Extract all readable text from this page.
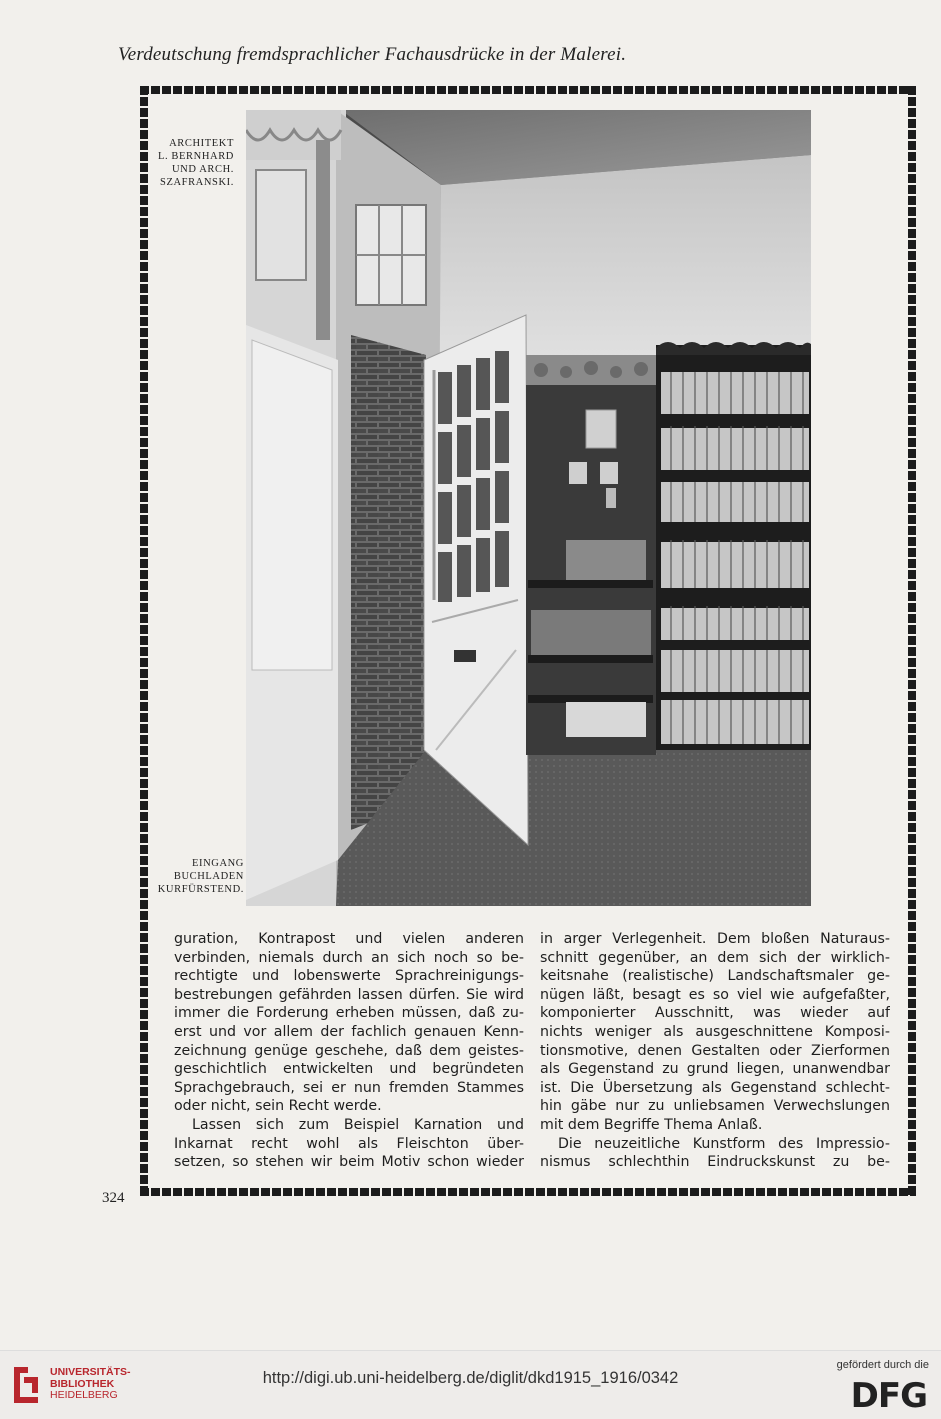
Verdeutschung fremdsprachlicher Fachausdrücke in der Malerei.
ARCHITEKT
L. BERNHARD
UND ARCH.
SZAFRANSKI.
EINGANG
BUCHLADEN
KURFÜRSTEND.
guration, Kontrapost und vielen anderen
verbinden, niemals durch an sich noch so be-
rechtigte und lobenswerte Sprachreinigungs-
bestrebungen gefährden lassen dürfen. Sie wird
immer die Forderung erheben müssen, daß zu-
erst und vor allem der fachlich genauen Kenn-
zeichnung genüge geschehe, daß dem geistes-
geschichtlich entwickelten und begründeten
Sprachgebrauch, sei er nun fremden Stammes
oder nicht, sein Recht werde.
Lassen sich zum Beispiel Karnation und
Inkarnat recht wohl als Fleischton über-
setzen, so stehen wir beim Motiv schon wieder
in arger Verlegenheit. Dem bloßen Naturaus-
schnitt gegenüber, an dem sich der wirklich-
keitsnahe (realistische) Landschaftsmaler ge-
nügen läßt, besagt es so viel wie aufgefaßter,
komponierter Ausschnitt, was wieder auf
nichts weniger als ausgeschnittene Komposi-
tionsmotive, denen Gestalten oder Zierformen
als Gegenstand zu grund liegen, unanwendbar
ist. Die Übersetzung als Gegenstand schlecht-
hin gäbe nur zu unliebsamen Verwechslungen
mit dem Begriffe Thema Anlaß.
Die neuzeitliche Kunstform des Impressio-
nismus schlechthin Eindruckskunst zu be-
324
UNIVERSITÄTS-
BIBLIOTHEK
HEIDELBERG
http://digi.ub.uni-heidelberg.de/diglit/dkd1915_1916/0342
gefördert durch die
DFG
